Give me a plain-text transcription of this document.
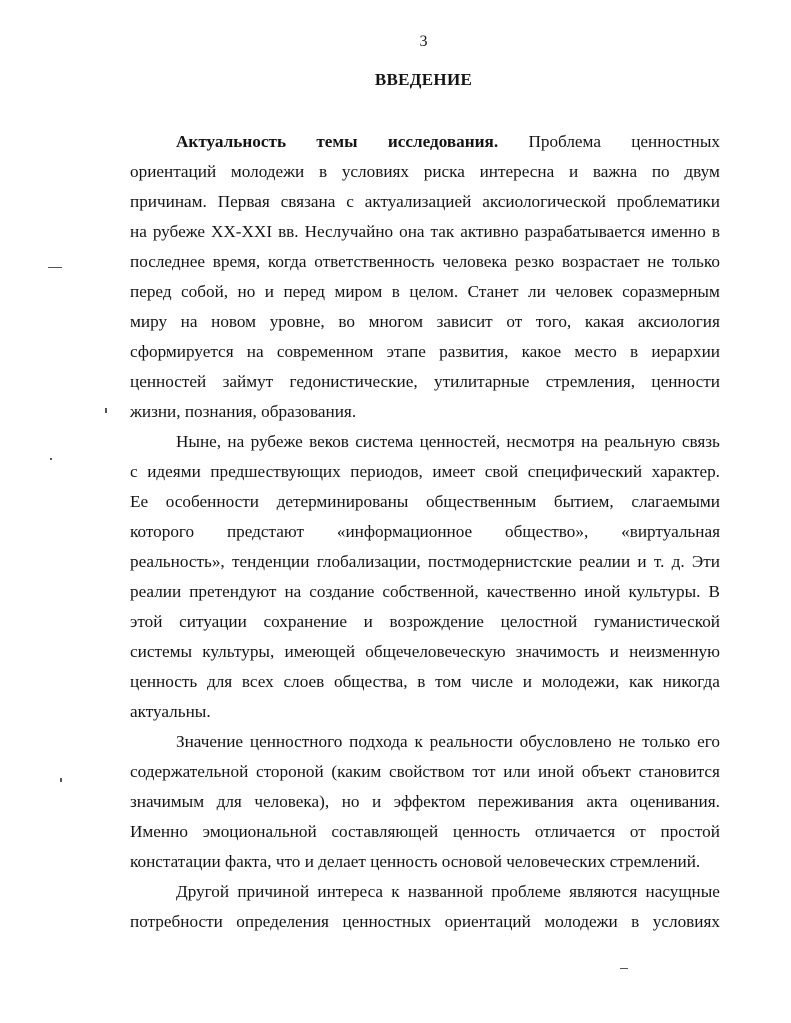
3
ВВЕДЕНИЕ
Актуальность темы исследования. Проблема ценностных
ориентаций молодежи в условиях риска интересна и важна по двум
причинам. Первая связана с актуализацией аксиологической проблематики
на рубеже XX-XXI вв. Неслучайно она так активно разрабатывается именно в
последнее время, когда ответственность человека резко возрастает не только
перед собой, но и перед миром в целом. Станет ли человек соразмерным
миру на новом уровне, во многом зависит от того, какая аксиология
сформируется на современном этапе развития, какое место в иерархии
ценностей займут гедонистические, утилитарные стремления, ценности
жизни, познания, образования.
Ныне, на рубеже веков система ценностей, несмотря на реальную связь
с идеями предшествующих периодов, имеет свой специфический характер.
Ее особенности детерминированы общественным бытием, слагаемыми
которого предстают «информационное общество», «виртуальная
реальность», тенденции глобализации, постмодернистские реалии и т. д. Эти
реалии претендуют на создание собственной, качественно иной культуры. В
этой ситуации сохранение и возрождение целостной гуманистической
системы культуры, имеющей общечеловеческую значимость и неизменную
ценность для всех слоев общества, в том числе и молодежи, как никогда
актуальны.
Значение ценностного подхода к реальности обусловлено не только его
содержательной стороной (каким свойством тот или иной объект становится
значимым для человека), но и эффектом переживания акта оценивания.
Именно эмоциональной составляющей ценность отличается от простой
констатации факта, что и делает ценность основой человеческих стремлений.
Другой причиной интереса к названной проблеме являются насущные
потребности определения ценностных ориентаций молодежи в условиях
